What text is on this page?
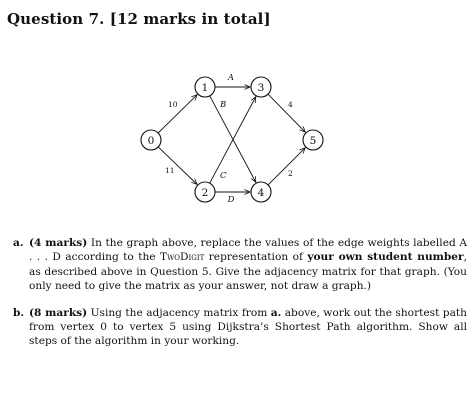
Question 7. [12 marks in total]
10
11
A
B
C
D
4
2
0
1
2
3
4
5
a. (4 marks) In the graph above, replace the values of the edge weights labelled A . . . D according to the TwoDigit representation of your own student number, as described above in Question 5. Give the adjacency matrix for that graph. (You only need to give the matrix as your answer, not draw a graph.)
b. (8 marks) Using the adjacency matrix from a. above, work out the shortest path from vertex 0 to vertex 5 using Dijkstra’s Shortest Path algorithm. Show all steps of the algorithm in your working.
